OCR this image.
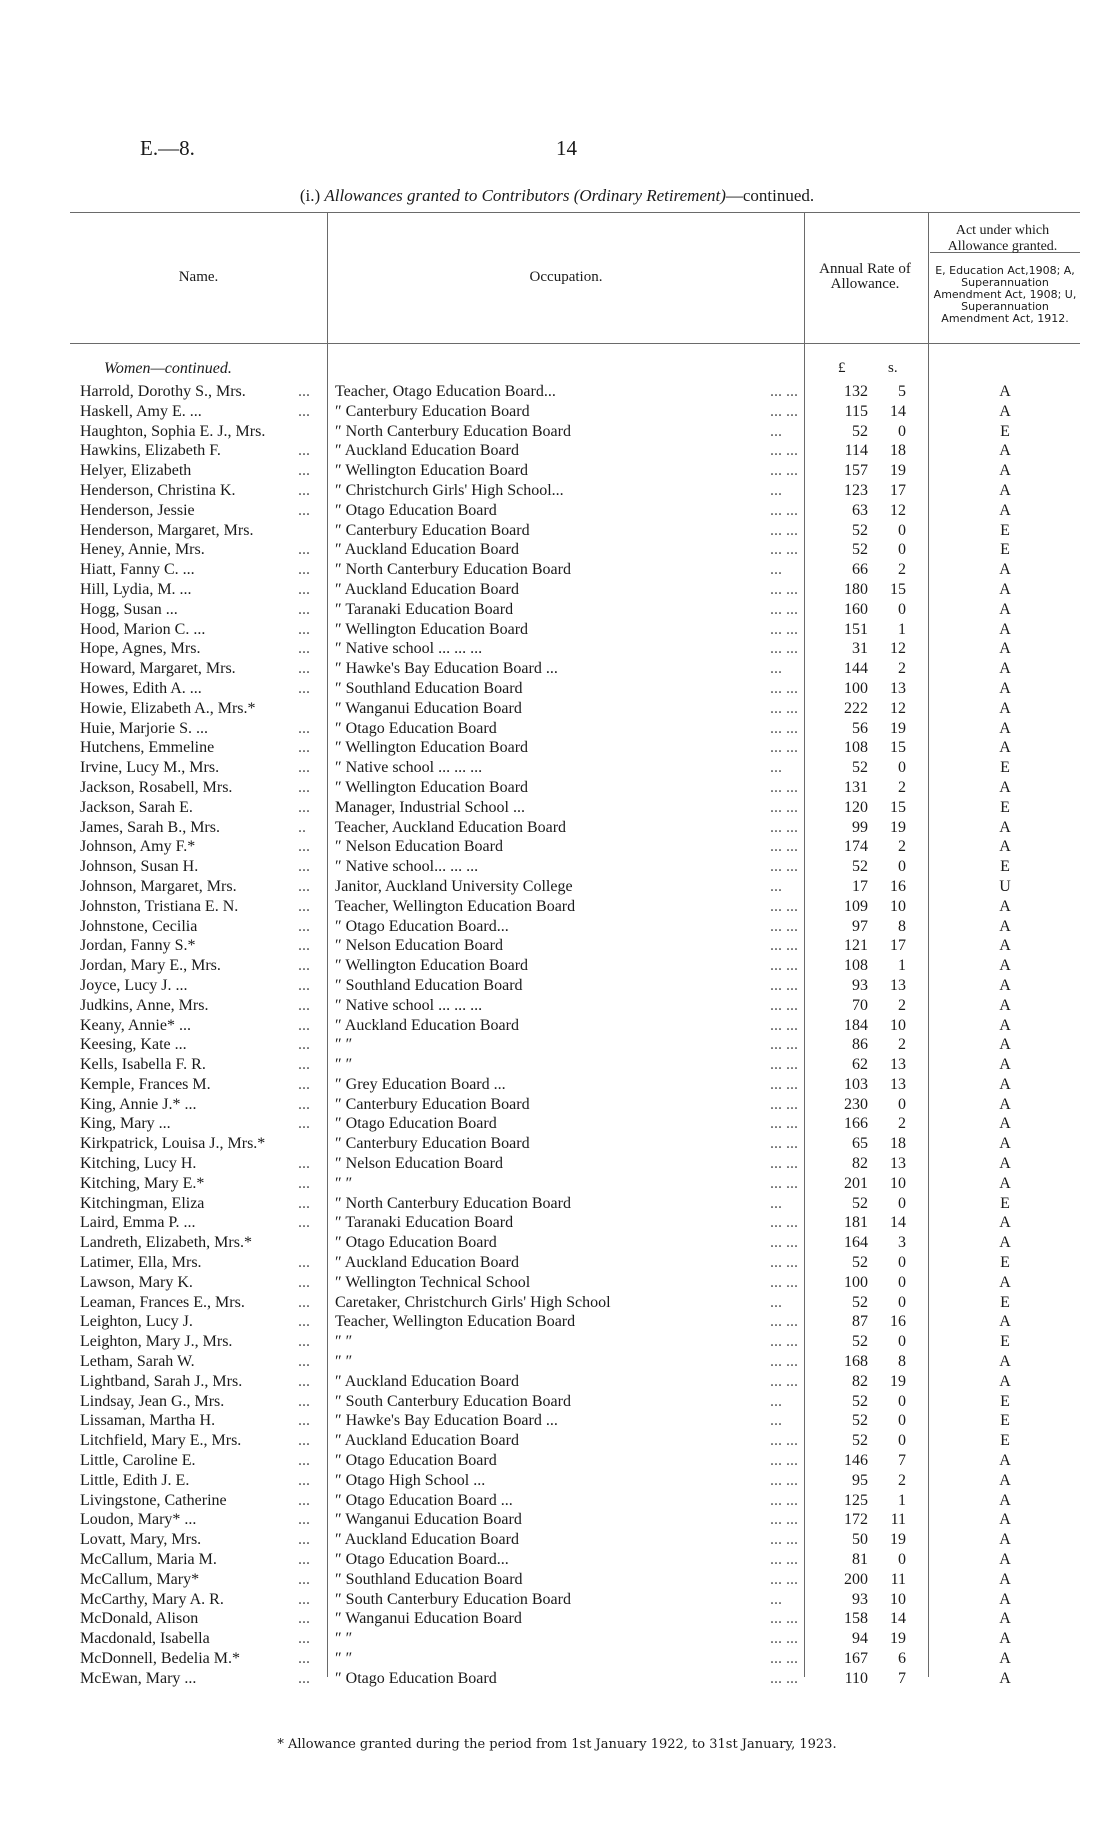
E.—8.	14
(i.) Allowances granted to Contributors (Ordinary Retirement)—continued.
Name.	Occupation.	Annual Rate of Allowance.
Act under which Allowance granted.
E, Education Act,1908; A, Superannuation Amendment Act, 1908; U, Superannuation Amendment Act, 1912.
Women—continued.	£	s.
Harrold, Dorothy S., Mrs.	... Teacher, Otago Education Board...	... ...	132	5	A
Haskell, Amy E. ...	... ″ Canterbury Education Board	... ...	115	14	A
Haughton, Sophia E. J., Mrs.	″ North Canterbury Education Board	...	52	0	E
Hawkins, Elizabeth F.	... ″ Auckland Education Board	... ...	114	18	A
Helyer, Elizabeth	... ″ Wellington Education Board	... ...	157	19	A
Henderson, Christina K.	... ″ Christchurch Girls' High School...	...	123	17	A
Henderson, Jessie	... ″ Otago Education Board	... ...	63	12	A
Henderson, Margaret, Mrs.	″ Canterbury Education Board	... ...	52	0	E
Heney, Annie, Mrs.	... ″ Auckland Education Board	... ...	52	0	E
Hiatt, Fanny C. ...	... ″ North Canterbury Education Board	...	66	2	A
Hill, Lydia, M. ...	... ″ Auckland Education Board	... ...	180	15	A
Hogg, Susan ...	... ″ Taranaki Education Board	... ...	160	0	A
Hood, Marion C. ...	... ″ Wellington Education Board	... ...	151	1	A
Hope, Agnes, Mrs.	... ″ Native school ... ... ...	... ...	31	12	A
Howard, Margaret, Mrs.	... ″ Hawke's Bay Education Board ...	...	144	2	A
Howes, Edith A. ...	... ″ Southland Education Board	... ...	100	13	A
Howie, Elizabeth A., Mrs.*	″ Wanganui Education Board	... ...	222	12	A
Huie, Marjorie S. ...	... ″ Otago Education Board	... ...	56	19	A
Hutchens, Emmeline	... ″ Wellington Education Board	... ...	108	15	A
Irvine, Lucy M., Mrs.	... ″ Native school ... ... ...	...	52	0	E
Jackson, Rosabell, Mrs.	... ″ Wellington Education Board	... ...	131	2	A
Jackson, Sarah E.	... Manager, Industrial School ...	... ...	120	15	E
James, Sarah B., Mrs.	.. Teacher, Auckland Education Board	... ...	99	19	A
Johnson, Amy F.*	... ″ Nelson Education Board	... ...	174	2	A
Johnson, Susan H.	... ″ Native school... ... ...	... ...	52	0	E
Johnson, Margaret, Mrs.	... Janitor, Auckland University College	...	17	16	U
Johnston, Tristiana E. N.	... Teacher, Wellington Education Board	... ...	109	10	A
Johnstone, Cecilia	... ″ Otago Education Board...	... ...	97	8	A
Jordan, Fanny S.*	... ″ Nelson Education Board	... ...	121	17	A
Jordan, Mary E., Mrs.	... ″ Wellington Education Board	... ...	108	1	A
Joyce, Lucy J. ...	... ″ Southland Education Board	... ...	93	13	A
Judkins, Anne, Mrs.	... ″ Native school ... ... ...	... ...	70	2	A
Keany, Annie* ...	... ″ Auckland Education Board	... ...	184	10	A
Keesing, Kate ...	... ″ ″	... ...	86	2	A
Kells, Isabella F. R.	... ″ ″	... ...	62	13	A
Kemple, Frances M.	... ″ Grey Education Board ...	... ...	103	13	A
King, Annie J.* ...	... ″ Canterbury Education Board	... ...	230	0	A
King, Mary ...	... ″ Otago Education Board	... ...	166	2	A
Kirkpatrick, Louisa J., Mrs.*	″ Canterbury Education Board	... ...	65	18	A
Kitching, Lucy H.	... ″ Nelson Education Board	... ...	82	13	A
Kitching, Mary E.*	... ″ ″	... ...	201	10	A
Kitchingman, Eliza	... ″ North Canterbury Education Board	...	52	0	E
Laird, Emma P. ...	... ″ Taranaki Education Board	... ...	181	14	A
Landreth, Elizabeth, Mrs.*	″ Otago Education Board	... ...	164	3	A
Latimer, Ella, Mrs.	... ″ Auckland Education Board	... ...	52	0	E
Lawson, Mary K.	... ″ Wellington Technical School	... ...	100	0	A
Leaman, Frances E., Mrs.	... Caretaker, Christchurch Girls' High School	...	52	0	E
Leighton, Lucy J.	... Teacher, Wellington Education Board	... ...	87	16	A
Leighton, Mary J., Mrs.	... ″ ″	... ...	52	0	E
Letham, Sarah W.	... ″ ″	... ...	168	8	A
Lightband, Sarah J., Mrs.	... ″ Auckland Education Board	... ...	82	19	A
Lindsay, Jean G., Mrs.	... ″ South Canterbury Education Board	...	52	0	E
Lissaman, Martha H.	... ″ Hawke's Bay Education Board ...	...	52	0	E
Litchfield, Mary E., Mrs.	... ″ Auckland Education Board	... ...	52	0	E
Little, Caroline E.	... ″ Otago Education Board	... ...	146	7	A
Little, Edith J. E.	... ″ Otago High School ...	... ...	95	2	A
Livingstone, Catherine	... ″ Otago Education Board ...	... ...	125	1	A
Loudon, Mary* ...	... ″ Wanganui Education Board	... ...	172	11	A
Lovatt, Mary, Mrs.	... ″ Auckland Education Board	... ...	50	19	A
McCallum, Maria M.	... ″ Otago Education Board...	... ...	81	0	A
McCallum, Mary*	... ″ Southland Education Board	... ...	200	11	A
McCarthy, Mary A. R.	... ″ South Canterbury Education Board	...	93	10	A
McDonald, Alison	... ″ Wanganui Education Board	... ...	158	14	A
Macdonald, Isabella	... ″ ″	... ...	94	19	A
McDonnell, Bedelia M.*	... ″ ″	... ...	167	6	A
McEwan, Mary ...	... ″ Otago Education Board	... ...	110	7	A
* Allowance granted during the period from 1st January 1922, to 31st January, 1923.
